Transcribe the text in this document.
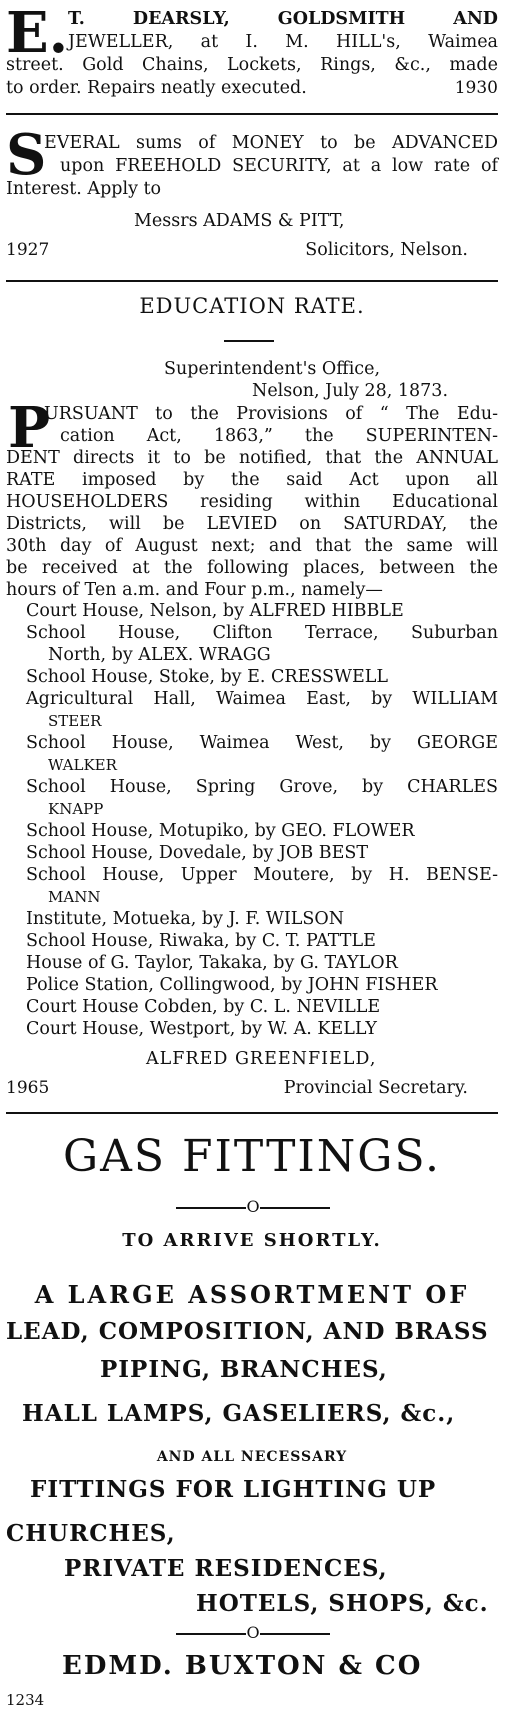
E. T. DEARSLY, GOLDSMITH AND
JEWELLER, at I. M. HILL's, Waimea
street. Gold Chains, Lockets, Rings, &c., made
to order. Repairs neatly executed.	1930
S
EVERAL sums of MONEY to be ADVANCED
upon FREEHOLD SECURITY, at a low rate of
Interest. Apply to
Messrs ADAMS & PITT,
1927	Solicitors, Nelson.
EDUCATION RATE.
Superintendent's Office,
Nelson, July 28, 1873.
P
URSUANT to the Provisions of “ The Edu-
cation Act, 1863,” the SUPERINTEN-
DENT directs it to be notified, that the ANNUAL
RATE imposed by the said Act upon all
HOUSEHOLDERS residing within Educational
Districts, will be LEVIED on SATURDAY, the
30th day of August next; and that the same will
be received at the following places, between the
hours of Ten a.m. and Four p.m., namely—
Court House, Nelson, by ALFRED HIBBLE
School House, Clifton Terrace, Suburban
North, by ALEX. WRAGG
School House, Stoke, by E. CRESSWELL
Agricultural Hall, Waimea East, by WILLIAM
STEER
School House, Waimea West, by GEORGE
WALKER
School House, Spring Grove, by CHARLES
KNAPP
School House, Motupiko, by GEO. FLOWER
School House, Dovedale, by JOB BEST
School House, Upper Moutere, by H. BENSE-
MANN
Institute, Motueka, by J. F. WILSON
School House, Riwaka, by C. T. PATTLE
House of G. Taylor, Takaka, by G. TAYLOR
Police Station, Collingwood, by JOHN FISHER
Court House Cobden, by C. L. NEVILLE
Court House, Westport, by W. A. KELLY
ALFRED GREENFIELD,
1965	Provincial Secretary.
GAS FITTINGS.
O
TO ARRIVE SHORTLY.
A LARGE ASSORTMENT OF
LEAD, COMPOSITION, AND BRASS
PIPING, BRANCHES,
HALL LAMPS, GASELIERS, &c.,
AND ALL NECESSARY
FITTINGS FOR LIGHTING UP
CHURCHES,
PRIVATE RESIDENCES,
HOTELS, SHOPS, &c.
O
EDMD. BUXTON & CO
1234
